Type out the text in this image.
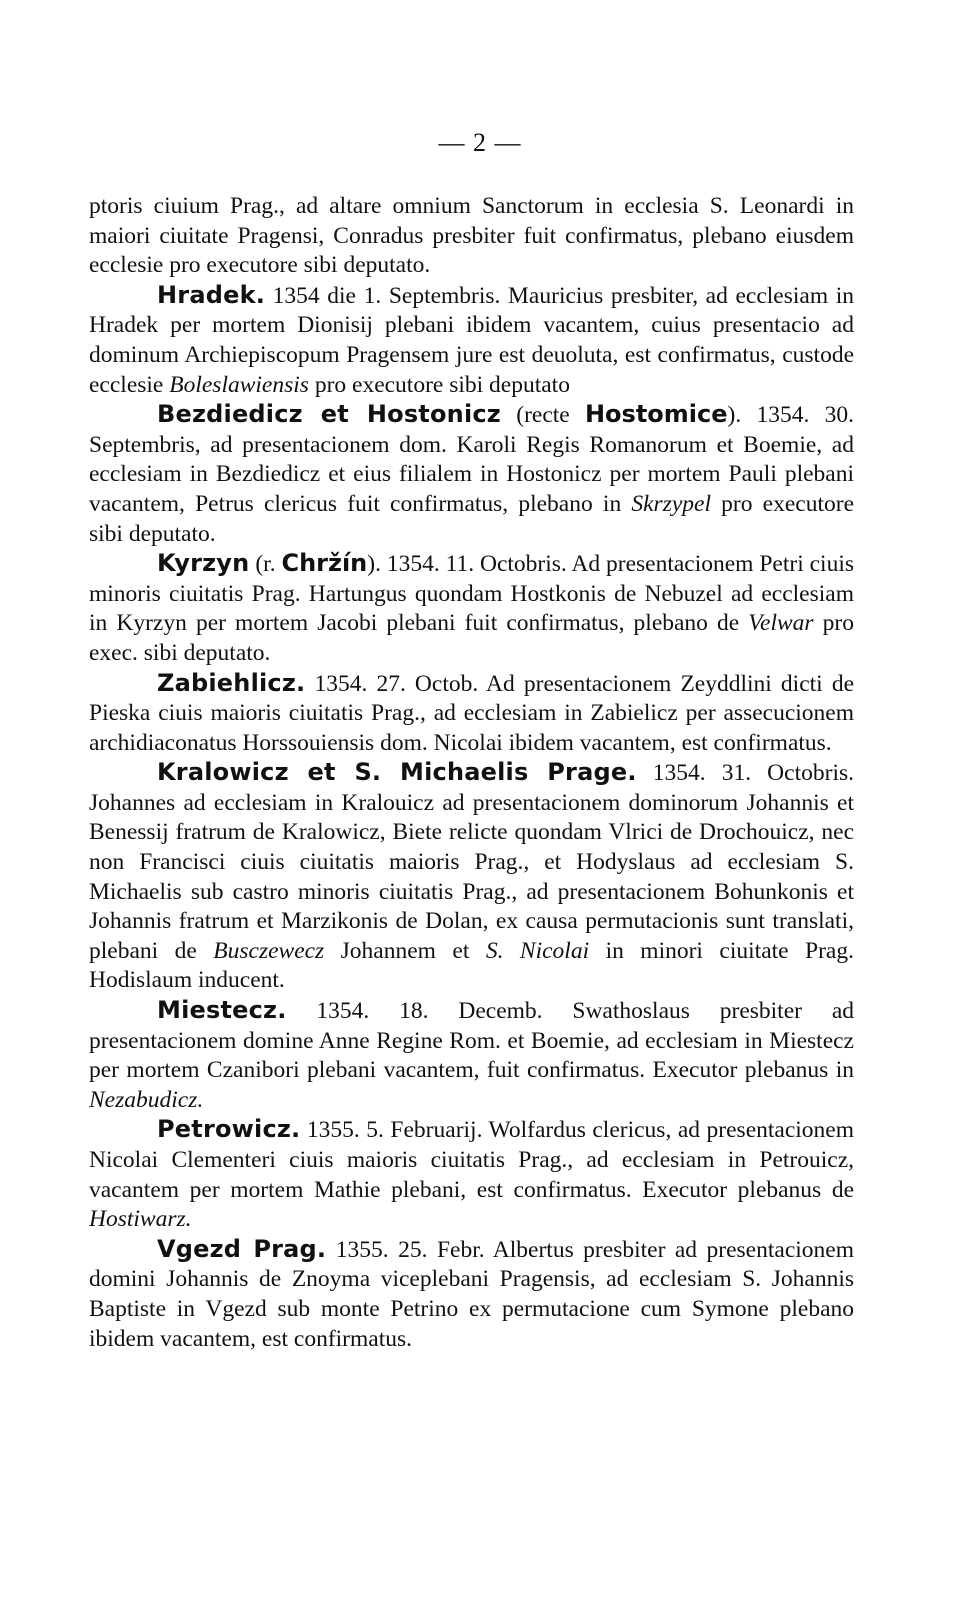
— 2 —

ptoris ciuium Prag., ad altare omnium Sanctorum in ecclesia S. Leonardi in maiori ciuitate Pragensi, Conradus presbiter fuit confirmatus, plebano eiusdem ecclesie pro executore sibi deputato.

Hradek. 1354 die 1. Septembris. Mauricius presbiter, ad ecclesiam in Hradek per mortem Dionisij plebani ibidem vacantem, cuius presentacio ad dominum Archiepiscopum Pragensem jure est deuoluta, est confirmatus, custode ecclesie Boleslawiensis pro executore sibi deputato

Bezdiedicz et Hostonicz (recte Hostomice). 1354. 30. Septembris, ad presentacionem dom. Karoli Regis Romanorum et Boemie, ad ecclesiam in Bezdiedicz et eius filialem in Hostonicz per mortem Pauli plebani vacantem, Petrus clericus fuit confirmatus, plebano in Skrzypel pro executore sibi deputato.

Kyrzyn (r. Chržín). 1354. 11. Octobris. Ad presentacionem Petri ciuis minoris ciuitatis Prag. Hartungus quondam Hostkonis de Nebuzel ad ecclesiam in Kyrzyn per mortem Jacobi plebani fuit confirmatus, plebano de Velwar pro exec. sibi deputato.

Zabiehlicz. 1354. 27. Octob. Ad presentacionem Zeyddlini dicti de Pieska ciuis maioris ciuitatis Prag., ad ecclesiam in Zabielicz per assecucionem archidiaconatus Horssouiensis dom. Nicolai ibidem vacantem, est confirmatus.

Kralowicz et S. Michaelis Prage. 1354. 31. Octobris. Johannes ad ecclesiam in Kralouicz ad presentacionem dominorum Johannis et Benessij fratrum de Kralowicz, Biete relicte quondam Vlrici de Drochouicz, nec non Francisci ciuis ciuitatis maioris Prag., et Hodyslaus ad ecclesiam S. Michaelis sub castro minoris ciuitatis Prag., ad presentacionem Bohunkonis et Johannis fratrum et Marzikonis de Dolan, ex causa permutacionis sunt translati, plebani de Busczewecz Johannem et S. Nicolai in minori ciuitate Prag. Hodislaum inducent.

Miestecz. 1354. 18. Decemb. Swathoslaus presbiter ad presentacionem domine Anne Regine Rom. et Boemie, ad ecclesiam in Miestecz per mortem Czanibori plebani vacantem, fuit confirmatus. Executor plebanus in Nezabudicz.

Petrowicz. 1355. 5. Februarij. Wolfardus clericus, ad presentacionem Nicolai Clementeri ciuis maioris ciuitatis Prag., ad ecclesiam in Petrouicz, vacantem per mortem Mathie plebani, est confirmatus. Executor plebanus de Hostiwarz.

Vgezd Prag. 1355. 25. Febr. Albertus presbiter ad presentacionem domini Johannis de Znoyma viceplebani Pragensis, ad ecclesiam S. Johannis Baptiste in Vgezd sub monte Petrino ex permutacione cum Symone plebano ibidem vacantem, est confirmatus.
